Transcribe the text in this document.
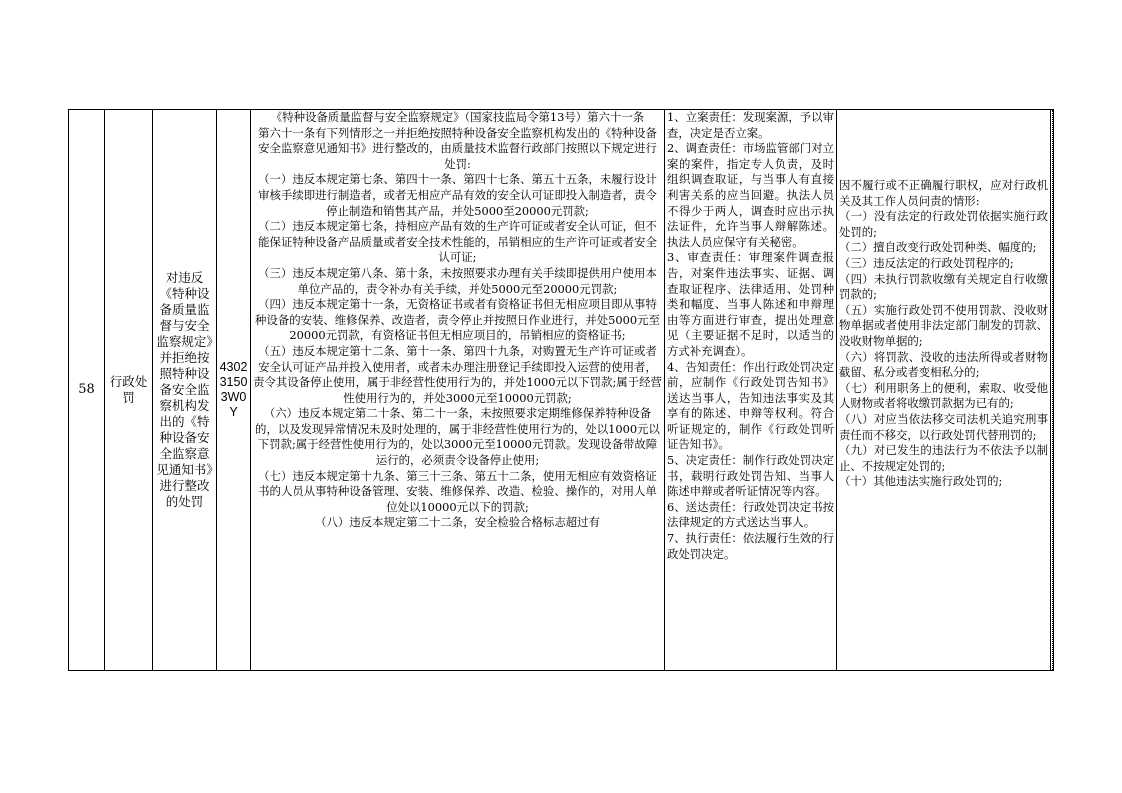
58
行政处罚
对违反《特种设备质量监督与安全监察规定》并拒绝按照特种设备安全监察机构发出的《特种设备安全监察意见通知书》进行整改的处罚
43023150 3W0Y

《特种设备质量监督与安全监察规定》（国家技监局令第13号）第六十一条

第六十一条有下列情形之一并拒绝按照特种设备安全监察机构发出的《特种设备安全监察意见通知书》进行整改的，由质量技术监督行政部门按照以下规定进行处罚:

（一）违反本规定第七条、第四十一条、第四十七条、第五十五条，未履行设计审核手续即进行制造者，或者无相应产品有效的安全认可证即投入制造者，责令停止制造和销售其产品，并处5000至20000元罚款;

（二）违反本规定第七条，持相应产品有效的生产许可证或者安全认可证，但不能保证特种设备产品质量或者安全技术性能的，吊销相应的生产许可证或者安全认可证;

（三）违反本规定第八条、第十条，未按照要求办理有关手续即提供用户使用本单位产品的，责令补办有关手续，并处5000元至20000元罚款;

（四）违反本规定第十一条，无资格证书或者有资格证书但无相应项目即从事特种设备的安装、维修保养、改造者，责令停止并按照日作业进行，并处5000元至20000元罚款，有资格证书但无相应项目的，吊销相应的资格证书;

（五）违反本规定第十二条、第十一条、第四十九条，对购置无生产许可证或者安全认可证产品并投入使用者，或者未办理注册登记手续即投入运营的使用者，责令其设备停止使用，属于非经营性使用行为的，并处1000元以下罚款;属于经营性使用行为的，并处3000元至10000元罚款;

（六）违反本规定第二十条、第二十一条，未按照要求定期维修保养特种设备的，以及发现异常情况未及时处理的，属于非经营性使用行为的，处以1000元以下罚款;属于经营性使用行为的，处以3000元至10000元罚款。发现设备带故障运行的，必须责令设备停止使用;

（七）违反本规定第十九条、第三十三条、第五十二条，使用无相应有效资格证书的人员从事特种设备管理、安装、维修保养、改造、检验、操作的，对用人单位处以10000元以下的罚款;

（八）违反本规定第二十二条，安全检验合格标志超过有

1、立案责任：发现案源，予以审查，决定是否立案。

2、调查责任：市场监管部门对立案的案件，指定专人负责，及时组织调查取证，与当事人有直接利害关系的应当回避。执法人员不得少于两人，调查时应出示执法证件，允许当事人辩解陈述。执法人员应保守有关秘密。

3、审查责任：审理案件调查报告，对案件违法事实、证据、调查取证程序、法律适用、处罚种类和幅度、当事人陈述和申辩理由等方面进行审查，提出处理意见（主要证据不足时，以适当的方式补充调查）。

4、告知责任：作出行政处罚决定前，应制作《行政处罚告知书》送达当事人，告知违法事实及其享有的陈述、申辩等权利。符合听证规定的，制作《行政处罚听证告知书》。

5、决定责任：制作行政处罚决定书，载明行政处罚告知、当事人陈述申辩或者听证情况等内容。

6、送达责任：行政处罚决定书按法律规定的方式送达当事人。

7、执行责任：依法履行生效的行政处罚决定。

因不履行或不正确履行职权，应对行政机关及其工作人员问责的情形:

（一）没有法定的行政处罚依据实施行政处罚的;

（二）擅自改变行政处罚种类、幅度的;

（三）违反法定的行政处罚程序的;

（四）未执行罚款收缴有关规定自行收缴罚款的;

（五）实施行政处罚不使用罚款、没收财物单据或者使用非法定部门制发的罚款、没收财物单据的;

（六）将罚款、没收的违法所得或者财物截留、私分或者变相私分的;

（七）利用职务上的便利，索取、收受他人财物或者将收缴罚款据为已有的;

（八）对应当依法移交司法机关追究刑事责任而不移交，以行政处罚代替刑罚的;

（九）对已发生的违法行为不依法予以制止、不按规定处罚的;

（十）其他违法实施行政处罚的;
